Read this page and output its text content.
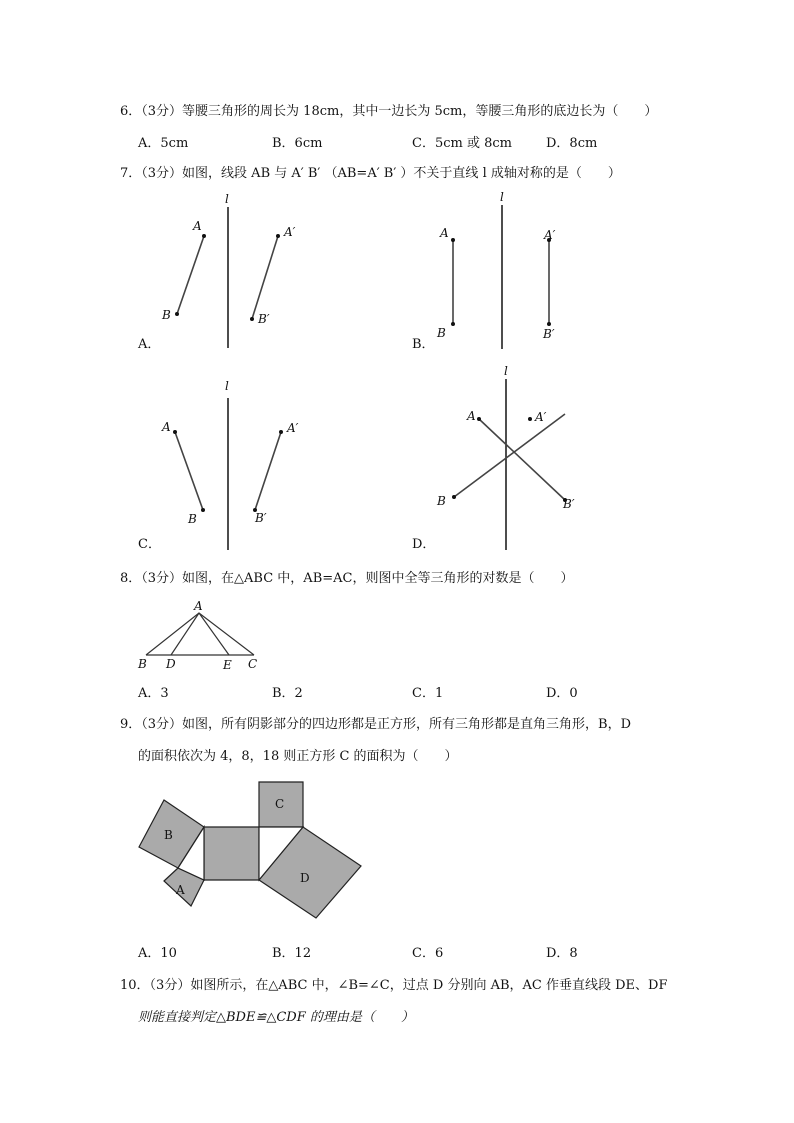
6．（3分）等腰三角形的周长为 18cm，其中一边长为 5cm，等腰三角形的底边长为（　　）
A．5cm	B．6cm	C．5cm 或 8cm	D．8cm
7．（3分）如图，线段 AB 与 A′ B′ （AB=A′ B′ ）不关于直线 l 成轴对称的是（　　）
l
A
B
A′
B′
A．
l
A
B
A′
B′
B．
l
A
B
A′
B′
C．
l
A
B
A′
B′
D．
8．（3分）如图，在△ABC 中，AB=AC，则图中全等三角形的对数是（　　）
A
B D	E C
A．3	B．2	C．1	D．0
9．（3分）如图，所有阴影部分的四边形都是正方形，所有三角形都是直角三角形，B，D
的面积依次为 4，8，18 则正方形 C 的面积为（　　）
B
A
C
D
A．10	B．12	C．6	D．8
10．（3分）如图所示，在△ABC 中，∠B=∠C，过点 D 分别向 AB，AC 作垂直线段 DE、DF
则能直接判定△BDE≌△CDF 的理由是（　　）
